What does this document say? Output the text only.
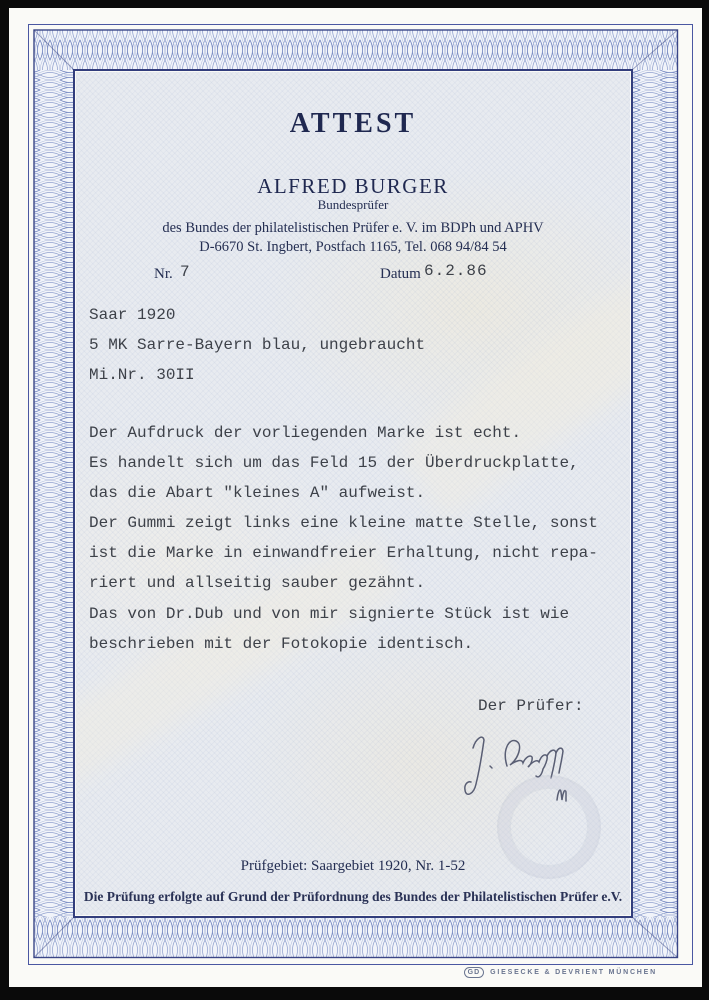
ATTEST
ALFRED BURGER
Bundesprüfer
des Bundes der philatelistischen Prüfer e. V. im BDPh und APHV
D-6670 St. Ingbert, Postfach 1165, Tel. 068 94/84 54
Nr. 7	Datum 6.2.86
Saar 1920
5 MK Sarre-Bayern blau, ungebraucht
Mi.Nr. 30II
Der Aufdruck der vorliegenden Marke ist echt.
Es handelt sich um das Feld 15 der Überdruckplatte,
das die Abart "kleines A" aufweist.
Der Gummi zeigt links eine kleine matte Stelle, sonst
ist die Marke in einwandfreier Erhaltung, nicht repa-
riert und allseitig sauber gezähnt.
Das von Dr.Dub und von mir signierte Stück ist wie
beschrieben mit der Fotokopie identisch.
Der Prüfer:
Prüfgebiet: Saargebiet 1920, Nr. 1-52
Die Prüfung erfolgte auf Grund der Prüfordnung des Bundes der Philatelistischen Prüfer e.V.
GD	GIESECKE & DEVRIENT MÜNCHEN
